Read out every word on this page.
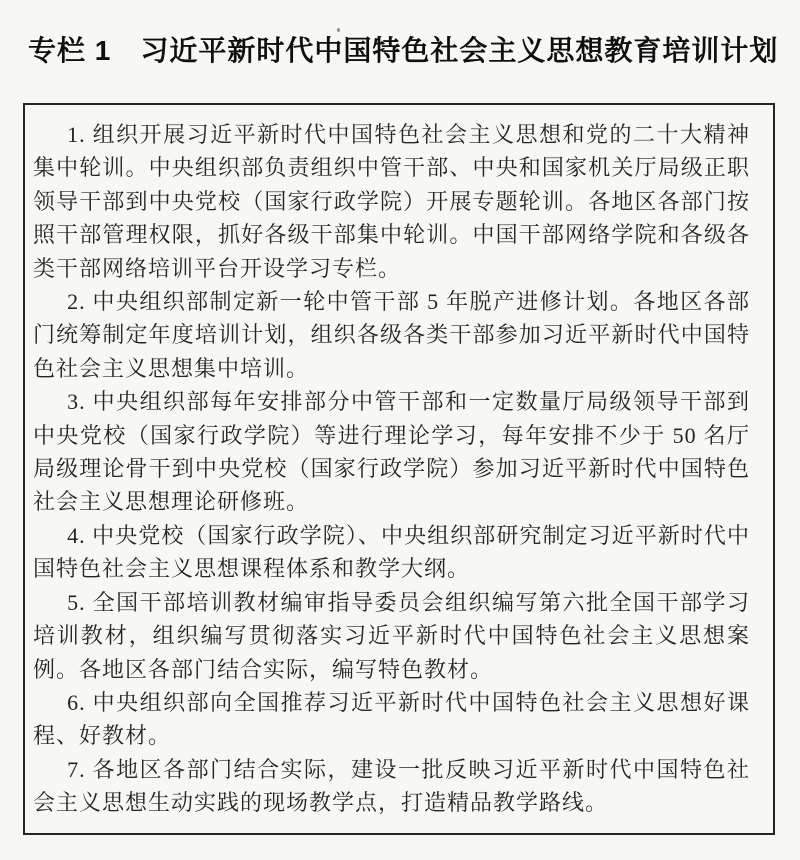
专栏 1　习近平新时代中国特色社会主义思想教育培训计划

1. 组织开展习近平新时代中国特色社会主义思想和党的二十大精神集中轮训。中央组织部负责组织中管干部、中央和国家机关厅局级正职领导干部到中央党校（国家行政学院）开展专题轮训。各地区各部门按照干部管理权限，抓好各级干部集中轮训。中国干部网络学院和各级各类干部网络培训平台开设学习专栏。

2. 中央组织部制定新一轮中管干部 5 年脱产进修计划。各地区各部门统筹制定年度培训计划，组织各级各类干部参加习近平新时代中国特色社会主义思想集中培训。

3. 中央组织部每年安排部分中管干部和一定数量厅局级领导干部到中央党校（国家行政学院）等进行理论学习，每年安排不少于 50 名厅局级理论骨干到中央党校（国家行政学院）参加习近平新时代中国特色社会主义思想理论研修班。

4. 中央党校（国家行政学院）、中央组织部研究制定习近平新时代中国特色社会主义思想课程体系和教学大纲。

5. 全国干部培训教材编审指导委员会组织编写第六批全国干部学习培训教材，组织编写贯彻落实习近平新时代中国特色社会主义思想案例。各地区各部门结合实际，编写特色教材。

6. 中央组织部向全国推荐习近平新时代中国特色社会主义思想好课程、好教材。

7. 各地区各部门结合实际，建设一批反映习近平新时代中国特色社会主义思想生动实践的现场教学点，打造精品教学路线。
